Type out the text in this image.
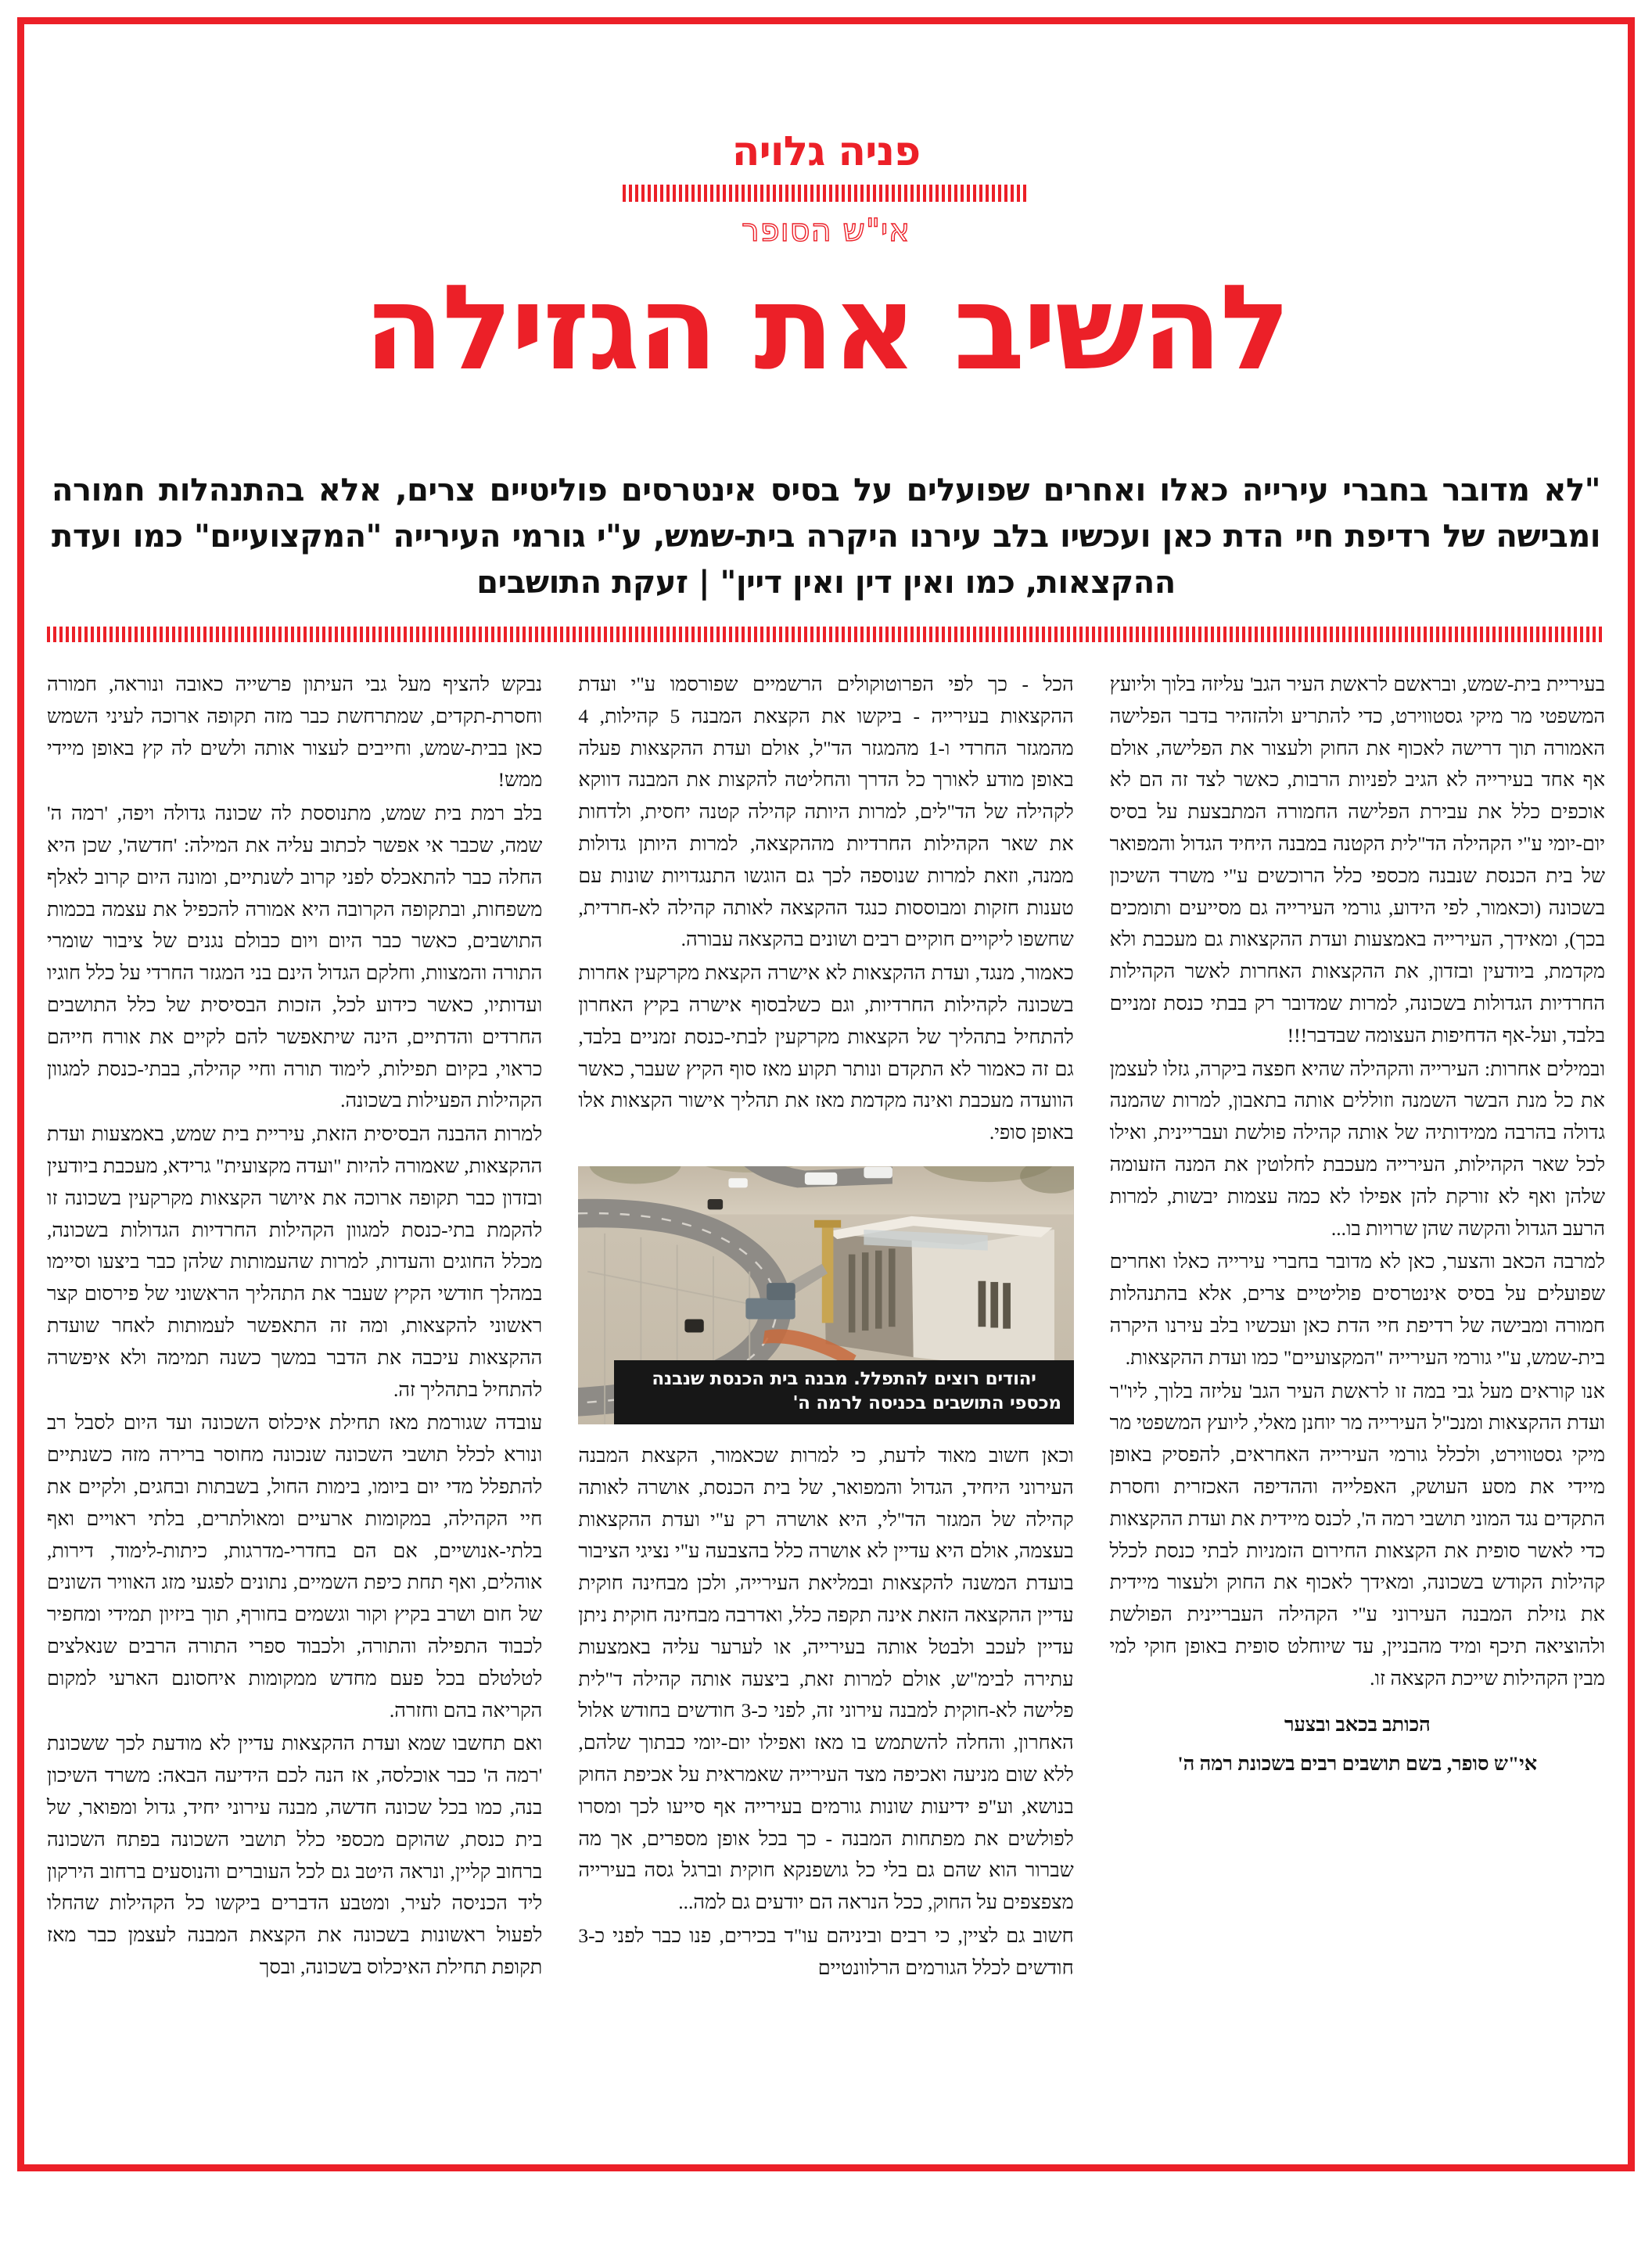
פניה גלויה
אי"ש הסופר
להשיב את הגזילה
"לא מדובר בחברי עירייה כאלו ואחרים שפועלים על בסיס אינטרסים פוליטיים צרים, אלא בהתנהלות חמורה ומבישה של רדיפת חיי הדת כאן ועכשיו בלב עירנו היקרה בית-שמש, ע"י גורמי העירייה "המקצועיים" כמו ועדת ההקצאות, כמו ואין דין ואין דיין" | זעקת התושבים

בעיריית בית-שמש, ובראשם לראשת העיר הגב' עליזה בלוך וליועץ המשפטי מר מיקי גסטווירט, כדי להתריע ולהזהיר בדבר הפלישה האמורה תוך דרישה לאכוף את החוק ולעצור את הפלישה, אולם אף אחד בעירייה לא הגיב לפניות הרבות, כאשר לצד זה הם לא אוכפים כלל את עבירת הפלישה החמורה המתבצעת על בסיס יום-יומי ע"י הקהילה הד"לית הקטנה במבנה היחיד הגדול והמפואר של בית הכנסת שנבנה מכספי כלל הרוכשים ע"י משרד השיכון בשכונה (וכאמור, לפי הידוע, גורמי העירייה גם מסייעים ותומכים בכך), ומאידך, העירייה באמצעות ועדת ההקצאות גם מעכבת ולא מקדמת, ביודעין ובזדון, את ההקצאות האחרות לאשר הקהילות החרדיות הגדולות בשכונה, למרות שמדובר רק בבתי כנסת זמניים בלבד, ועל-אף הדחיפות העצומה שבדבר!!!

ובמילים אחרות: העירייה והקהילה שהיא חפצה ביקרה, גזלו לעצמן את כל מנת הבשר השמנה וזוללים אותה בתאבון, למרות שהמנה גדולה בהרבה ממידותיה של אותה קהילה פולשת ועבריינית, ואילו לכל שאר הקהילות, העירייה מעכבת לחלוטין את המנה הזעומה שלהן ואף לא זורקת להן אפילו לא כמה עצמות יבשות, למרות הרעב הגדול והקשה שהן שרויות בו...

למרבה הכאב והצער, כאן לא מדובר בחברי עירייה כאלו ואחרים שפועלים על בסיס אינטרסים פוליטיים צרים, אלא בהתנהלות חמורה ומבישה של רדיפת חיי הדת כאן ועכשיו בלב עירנו היקרה בית-שמש, ע"י גורמי העירייה "המקצועיים" כמו ועדת ההקצאות.

אנו קוראים מעל גבי במה זו לראשת העיר הגב' עליזה בלוך, ליו"ר ועדת ההקצאות ומנכ"ל העירייה מר יוחנן מאלי, ליועץ המשפטי מר מיקי גסטווירט, ולכלל גורמי העירייה האחראים, להפסיק באופן מיידי את מסע העושק, האפלייה וההדיפה האכזרית וחסרת התקדים נגד המוני תושבי רמה ה', לכנס מיידית את ועדת ההקצאות כדי לאשר סופית את הקצאות החירום הזמניות לבתי כנסת לכלל קהילות הקודש בשכונה, ומאידך לאכוף את החוק ולעצור מיידית את גזילת המבנה העירוני ע"י הקהילה העבריינית הפולשת ולהוציאה תיכף ומיד מהבניין, עד שיוחלט סופית באופן חוקי למי מבין הקהילות שייכת הקצאה זו.

הכותב בכאב ובצער

אי"ש סופר, בשם תושבים רבים בשכונת רמה ה'

הכל - כך לפי הפרוטוקולים הרשמיים שפורסמו ע"י ועדת ההקצאות בעירייה - ביקשו את הקצאת המבנה 5 קהילות, 4 מהמגזר החרדי ו-1 מהמגזר הד"ל, אולם ועדת ההקצאות פעלה באופן מודע לאורך כל הדרך והחליטה להקצות את המבנה דווקא לקהילה של הד"לים, למרות היותה קהילה קטנה יחסית, ולדחות את שאר הקהילות החרדיות מההקצאה, למרות היותן גדולות ממנה, וזאת למרות שנוספה לכך גם הוגשו התנגדויות שונות עם טענות חזקות ומבוססות כנגד ההקצאה לאותה קהילה לא-חרדית, שחשפו ליקויים חוקיים רבים ושונים בהקצאה עבורה.

כאמור, מנגד, ועדת ההקצאות לא אישרה הקצאת מקרקעין אחרות בשכונה לקהילות החרדיות, וגם כשלבסוף אישרה בקיץ האחרון להתחיל בתהליך של הקצאות מקרקעין לבתי-כנסת זמניים בלבד, גם זה כאמור לא התקדם ונותר תקוע מאז סוף הקיץ שעבר, כאשר הוועדה מעכבת ואינה מקדמת מאז את תהליך אישור הקצאות אלו באופן סופי.

יהודים רוצים להתפלל. מבנה בית הכנסת שנבנה מכספי התושבים בכניסה לרמה ה'

וכאן חשוב מאוד לדעת, כי למרות שכאמור, הקצאת המבנה העירוני היחיד, הגדול והמפואר, של בית הכנסת, אושרה לאותה קהילה של המגזר הד"לי, היא אושרה רק ע"י ועדת ההקצאות בעצמה, אולם היא עדיין לא אושרה כלל בהצבעה ע"י נציגי הציבור בועדת המשנה להקצאות ובמליאת העירייה, ולכן מבחינה חוקית עדיין ההקצאה הזאת אינה תקפה כלל, ואדרבה מבחינה חוקית ניתן עדיין לעכב ולבטל אותה בעירייה, או לערער עליה באמצעות עתירה לבימ"ש, אולם למרות זאת, ביצעה אותה קהילה ד"לית פלישה לא-חוקית למבנה עירוני זה, לפני כ-3 חודשים בחודש אלול האחרון, והחלה להשתמש בו מאז ואפילו יום-יומי כבתוך שלהם, ללא שום מניעה ואכיפה מצד העירייה שאמראית על אכיפת החוק בנושא, וע"פ ידיעות שונות גורמים בעירייה אף סייעו לכך ומסרו לפולשים את מפתחות המבנה - כך בכל אופן מספרים, אך מה שברור הוא שהם גם בלי כל גושפנקא חוקית וברגל גסה בעירייה מצפצפים על החוק, ככל הנראה הם יודעים גם למה...

חשוב גם לציין, כי רבים וביניהם עו"ד בכירים, פנו כבר לפני כ-3 חודשים לכלל הגורמים הרלוונטיים

נבקש להציף מעל גבי העיתון פרשייה כאובה ונוראה, חמורה וחסרת-תקדים, שמתרחשת כבר מזה תקופה ארוכה לעיני השמש כאן בבית-שמש, וחייבים לעצור אותה ולשים לה קץ באופן מיידי ממש!

בלב רמת בית שמש, מתנוססת לה שכונה גדולה ויפה, 'רמה ה' שמה, שכבר אי אפשר לכתוב עליה את המילה: 'חדשה', שכן היא החלה כבר להתאכלס לפני קרוב לשנתיים, ומונה היום קרוב לאלף משפחות, ובתקופה הקרובה היא אמורה להכפיל את עצמה בכמות התושבים, כאשר כבר היום ויום כבולם נגנים של ציבור שומרי התורה והמצוות, וחלקם הגדול הינם בני המגזר החרדי על כלל חוגיו ועדותיו, כאשר כידוע לכל, הזכות הבסיסית של כלל התושבים החרדים והדתיים, הינה שיתאפשר להם לקיים את אורח חייהם כראוי, בקיום תפילות, לימוד תורה וחיי קהילה, בבתי-כנסת למגוון הקהילות הפעילות בשכונה.

למרות ההבנה הבסיסית הזאת, עיריית בית שמש, באמצעות ועדת ההקצאות, שאמורה להיות "ועדה מקצועית" גרידא, מעכבת ביודעין ובזדון כבר תקופה ארוכה את איושר הקצאות מקרקעין בשכונה זו להקמת בתי-כנסת למגוון הקהילות החרדיות הגדולות בשכונה, מכלל החוגים והעדות, למרות שהעמותות שלהן כבר ביצעו וסיימו במהלך חודשי הקיץ שעבר את התהליך הראשוני של פירסום קצר ראשוני להקצאות, ומה זה התאפשר לעמותות לאחר שועדת ההקצאות עיכבה את הדבר במשך כשנה תמימה ולא איפשרה להתחיל בתהליך זה.

עובדה שגורמת מאז תחילת איכלוס השכונה ועד היום לסבל רב ונורא לכלל תושבי השכונה שנכונה מחוסר ברירה מזה כשנתיים להתפלל מדי יום ביומו, בימות החול, בשבתות ובחגים, ולקיים את חיי הקהילה, במקומות ארעיים ומאולתרים, בלתי ראויים ואף בלתי-אנושיים, אם הם בחדרי-מדרגות, כיתות-לימוד, דירות, אוהלים, ואף תחת כיפת השמיים, נתונים לפגעי מזג האוויר השונים של חום ושרב בקיץ וקור וגשמים בחורף, תוך ביזיון תמידי ומחפיר לכבוד התפילה והתורה, ולכבוד ספרי התורה הרבים שנאלצים לטלטלם בכל פעם מחדש ממקומות איחסונם הארעי למקום הקריאה בהם וחזרה.

ואם תחשבו שמא ועדת ההקצאות עדיין לא מודעת לכך ששכונת 'רמה ה' כבר אוכלסה, אז הנה לכם הידיעה הבאה: משרד השיכון בנה, כמו בכל שכונה חדשה, מבנה עירוני יחיד, גדול ומפואר, של בית כנסת, שהוקם מכספי כלל תושבי השכונה בפתח השכונה ברחוב קליין, ונראה היטב גם לכל העוברים והנוסעים ברחוב הירקון ליד הכניסה לעיר, ומטבע הדברים ביקשו כל הקהילות שהחלו לפעול ראשונות בשכונה את הקצאת המבנה לעצמן כבר מאז תקופת תחילת האיכלוס בשכונה, ובסך
